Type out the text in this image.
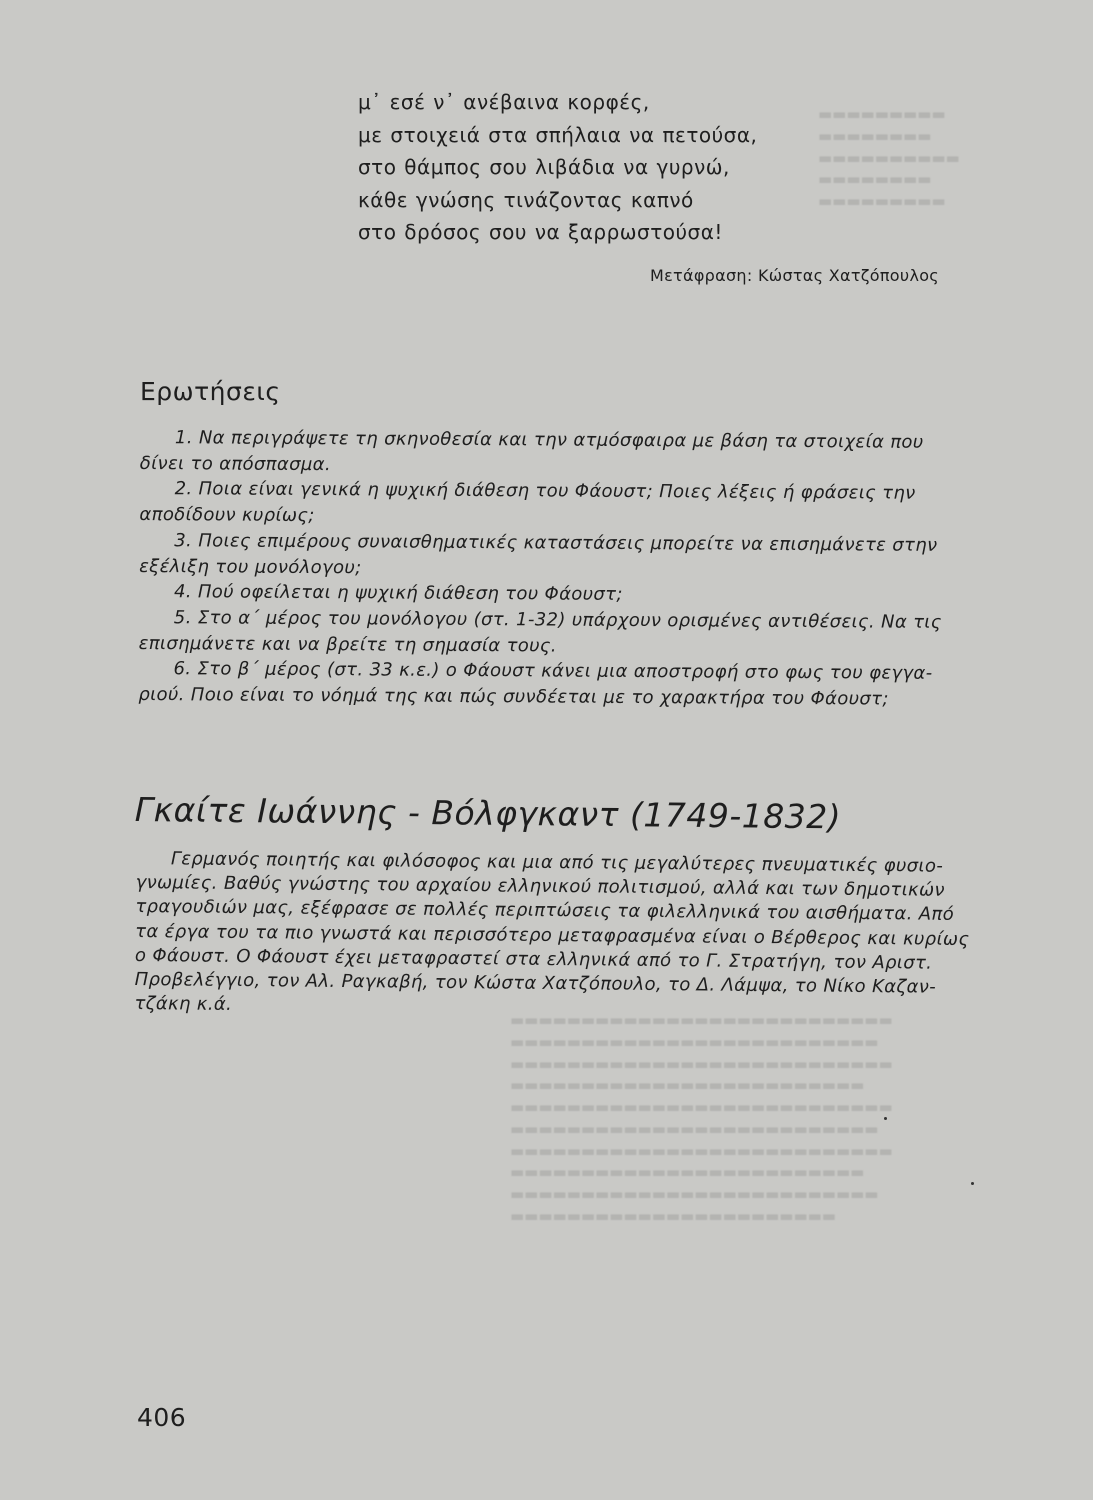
▬▬▬▬▬▬▬▬▬
▬▬▬▬▬▬▬▬
▬▬▬▬▬▬▬▬▬▬
▬▬▬▬▬▬▬▬
▬▬▬▬▬▬▬▬▬
μ᾽ εσέ ν᾽ ανέβαινα κορφές,
με στοιχειά στα σπήλαια να πετούσα,
στο θάμπος σου λιβάδια να γυρνώ,
κάθε γνώσης τινάζοντας καπνό
στο δρόσος σου να ξαρρωστούσα!
Μετάφραση: Κώστας Χατζόπουλος
Ερωτήσεις
1. Να περιγράψετε τη σκηνοθεσία και την ατμόσφαιρα με βάση τα στοιχεία που
δίνει το απόσπασμα.
2. Ποια είναι γενικά η ψυχική διάθεση του Φάουστ; Ποιες λέξεις ή φράσεις την
αποδίδουν κυρίως;
3. Ποιες επιμέρους συναισθηματικές καταστάσεις μπορείτε να επισημάνετε στην
εξέλιξη του μονόλογου;
4. Πού οφείλεται η ψυχική διάθεση του Φάουστ;
5. Στο α΄ μέρος του μονόλογου (στ. 1-32) υπάρχουν ορισμένες αντιθέσεις. Να τις
επισημάνετε και να βρείτε τη σημασία τους.
6. Στο β΄ μέρος (στ. 33 κ.ε.) ο Φάουστ κάνει μια αποστροφή στο φως του φεγγα-
ριού. Ποιο είναι το νόημά της και πώς συνδέεται με το χαρακτήρα του Φάουστ;
Γκαίτε Ιωάννης - Βόλφγκαντ (1749-1832)
Γερμανός ποιητής και φιλόσοφος και μια από τις μεγαλύτερες πνευματικές φυσιο-
γνωμίες. Βαθύς γνώστης του αρχαίου ελληνικού πολιτισμού, αλλά και των δημοτικών
τραγουδιών μας, εξέφρασε σε πολλές περιπτώσεις τα φιλελληνικά του αισθήματα. Από
τα έργα του τα πιο γνωστά και περισσότερο μεταφρασμένα είναι ο Βέρθερος και κυρίως
ο Φάουστ. Ο Φάουστ έχει μεταφραστεί στα ελληνικά από το Γ. Στρατήγη, τον Αριστ.
Προβελέγγιο, τον Αλ. Ραγκαβή, τον Κώστα Χατζόπουλο, το Δ. Λάμψα, το Νίκο Καζαν-
τζάκη κ.ά.
▬▬▬▬▬▬▬▬▬▬▬▬▬▬▬▬▬▬▬▬▬▬▬▬▬▬▬
▬▬▬▬▬▬▬▬▬▬▬▬▬▬▬▬▬▬▬▬▬▬▬▬▬▬
▬▬▬▬▬▬▬▬▬▬▬▬▬▬▬▬▬▬▬▬▬▬▬▬▬▬▬
▬▬▬▬▬▬▬▬▬▬▬▬▬▬▬▬▬▬▬▬▬▬▬▬▬
▬▬▬▬▬▬▬▬▬▬▬▬▬▬▬▬▬▬▬▬▬▬▬▬▬▬▬
▬▬▬▬▬▬▬▬▬▬▬▬▬▬▬▬▬▬▬▬▬▬▬▬▬▬
▬▬▬▬▬▬▬▬▬▬▬▬▬▬▬▬▬▬▬▬▬▬▬▬▬▬▬
▬▬▬▬▬▬▬▬▬▬▬▬▬▬▬▬▬▬▬▬▬▬▬▬▬
▬▬▬▬▬▬▬▬▬▬▬▬▬▬▬▬▬▬▬▬▬▬▬▬▬▬
▬▬▬▬▬▬▬▬▬▬▬▬▬▬▬▬▬▬▬▬▬▬▬
406
